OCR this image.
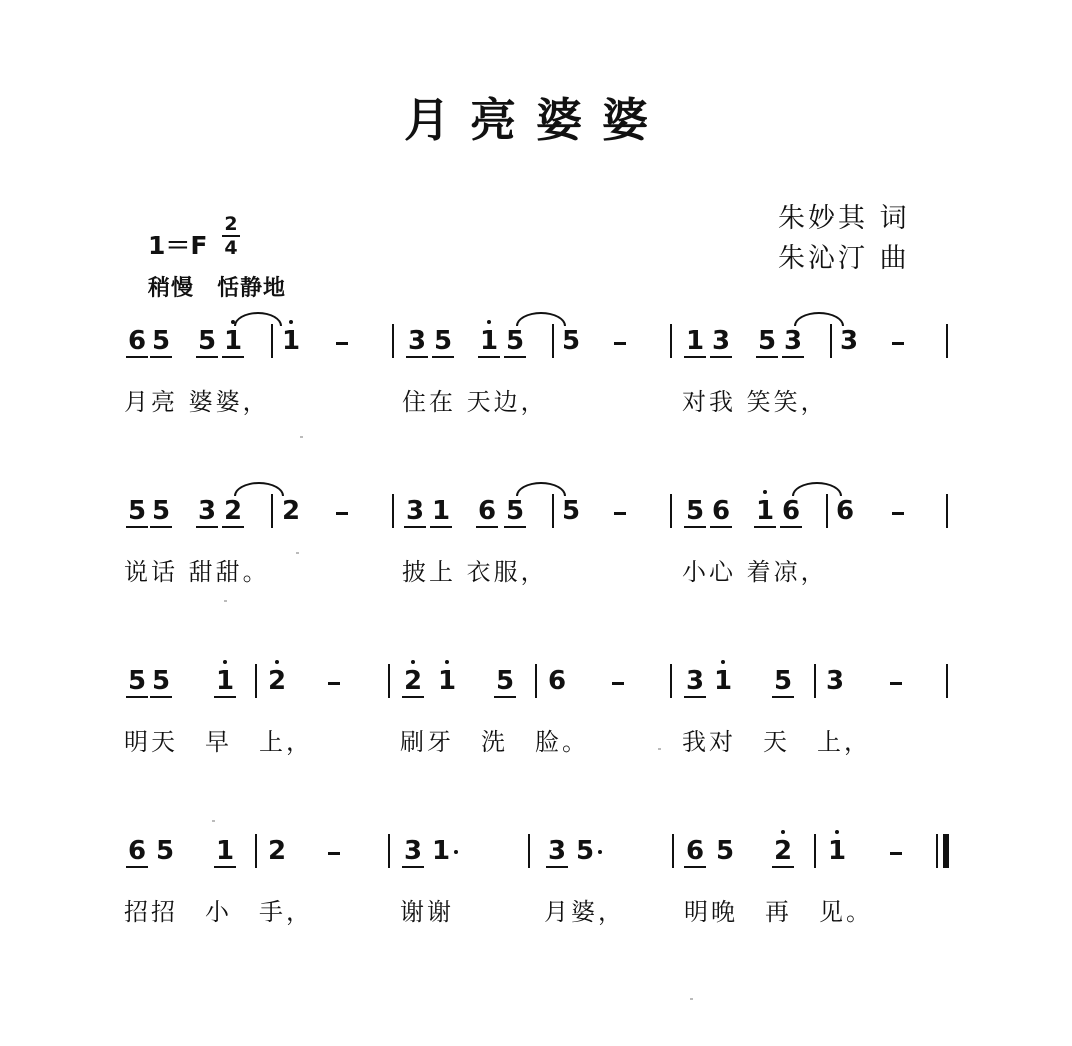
月亮婆婆
朱妙其 词
朱沁汀 曲
1＝F
2
4
稍慢　恬静地
6 5 5 1 1	3 5 1 5 5	1 3 5 3 3
月亮 婆婆，	住在 天边，	对我 笑笑，
5 5 3 2 2	3 1 6 5 5	5 6 1 6 6
说话 甜甜。	披上 衣服，	小心 着凉，
5 5 1 2	2 1 5 6	3 1 5 3
明天　早　上，	刷牙　洗　脸。	我对　天　上，
6 5 1 2	3 1	3 5	6 5 2 1
招招　小　手，	谢谢	月婆， 明晚　再　见。
